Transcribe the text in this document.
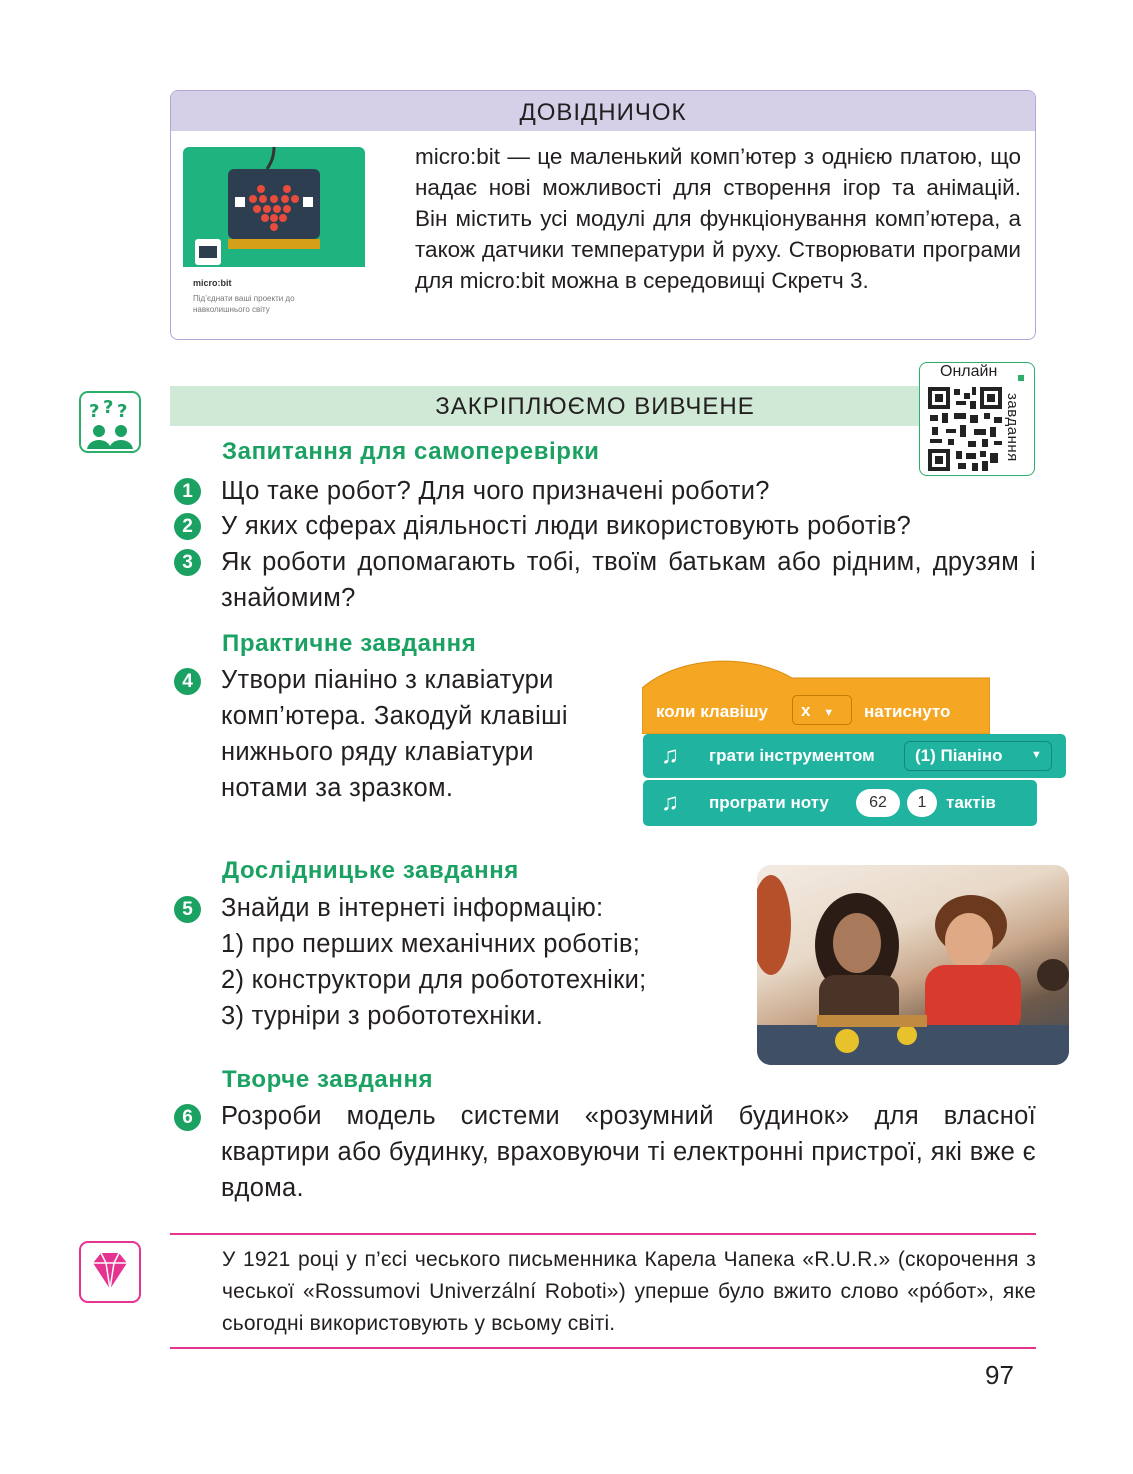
ДОВІДНИЧОК
micro:bit
Під’єднати ваші проекти до навколишнього світу
micro:bit — це маленький комп’ютер з однією платою, що надає нові можливості для створення ігор та анімацій. Він містить усі модулі для функціонування комп’ютера, а також датчики температури й руху. Створювати програми для micro:bit можна в середовищі Скретч 3.
? ? ?	ЗАКРІПЛЮЄМО ВИВЧЕНЕ
Онлайн
завдання
Запитання для самоперевірки
1	Що таке робот? Для чого призначені роботи?
2	У яких сферах діяльності люди використовують роботів?
3	Як роботи допомагають тобі, твоїм батькам або рідним, друзям і знайомим?
Практичне завдання
4	Утвори піаніно з клавіатури комп’ютера. Закодуй клавіші нижнього ряду клавіатури нотами за зразком.
коли клавішу	x ▼	натиснуто
♫ грати інструментом (1) Піаніно	▼
♫ програти ноту	62	1	тактів
Дослідницьке завдання
5	Знайди в інтернеті інформацію:
1) про перших механічних роботів;
2) конструктори для робототехніки;
3) турніри з робототехніки.
Творче завдання
6	Розроби модель системи «розумний будинок» для власної квартири або будинку, враховуючи ті електронні пристрої, які вже є вдома.
У 1921 році у п’єсі чеського письменника Карела Чапека «R.U.R.» (скорочення з чеської «Rossumovi Univerzální Roboti») уперше було вжито слово «рóбот», яке сьогодні використовують у всьому світі.
97
